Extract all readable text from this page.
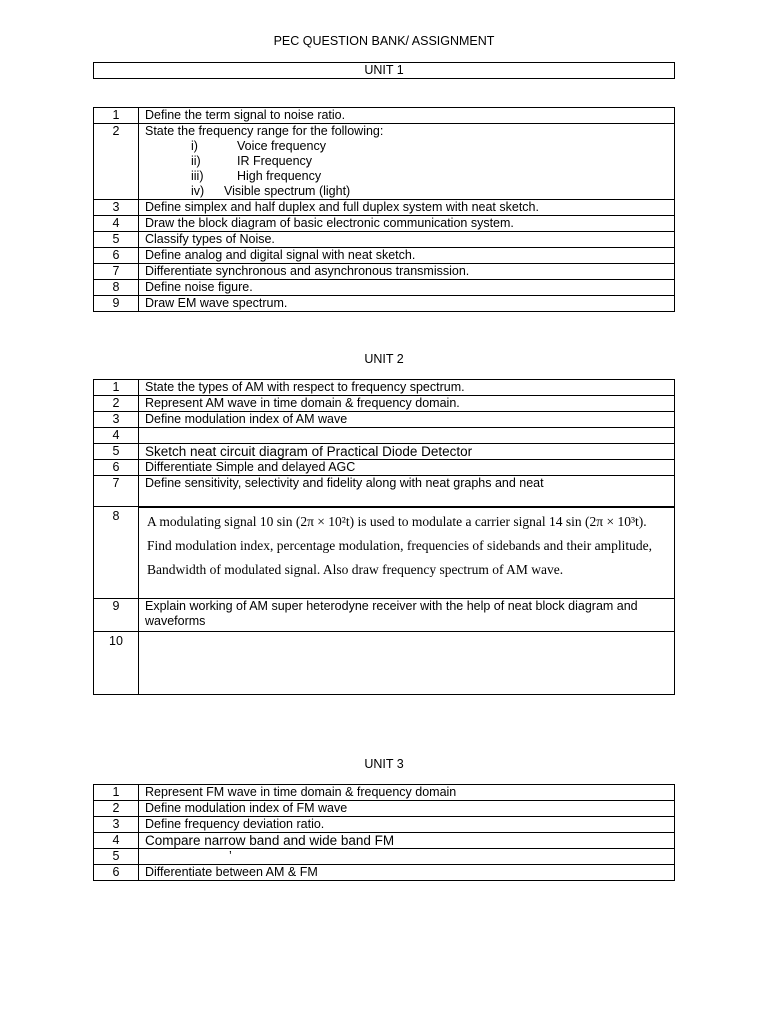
PEC QUESTION BANK/ ASSIGNMENT
UNIT 1
1	Define the term signal to noise ratio.
2	State the frequency range for the following:
i) Voice frequency
ii) IR Frequency
iii) High frequency
iv) Visible spectrum (light)

3	Define simplex and half duplex and full duplex system with neat sketch.
4	Draw the block diagram of basic electronic communication system.
5	Classify types of Noise.
6	Define analog and digital signal with neat sketch.
7	Differentiate synchronous and asynchronous transmission.
8	Define noise figure.
9	Draw EM wave spectrum.
UNIT 2
1	State the types of AM with respect to frequency spectrum.
2	Represent AM wave in time domain & frequency domain.
3	Define modulation index of AM wave
4	
5	Sketch neat circuit diagram of Practical Diode Detector
6	Differentiate Simple and delayed AGC
7	Define sensitivity, selectivity and fidelity along with neat graphs and neat
8	A modulating signal 10 sin (2π × 10²t) is used to modulate a carrier signal 14 sin (2π × 10³t). Find modulation index, percentage modulation, frequencies of sidebands and their amplitude, Bandwidth of modulated signal. Also draw frequency spectrum of AM wave.

9	Explain working of AM super heterodyne receiver with the help of neat block diagram and waveforms
10	
UNIT 3
1	Represent FM wave in time domain & frequency domain
2	Define modulation index of FM wave
3	Define frequency deviation ratio.
4	Compare narrow band and wide band FM
5	’
6	Differentiate between AM & FM
